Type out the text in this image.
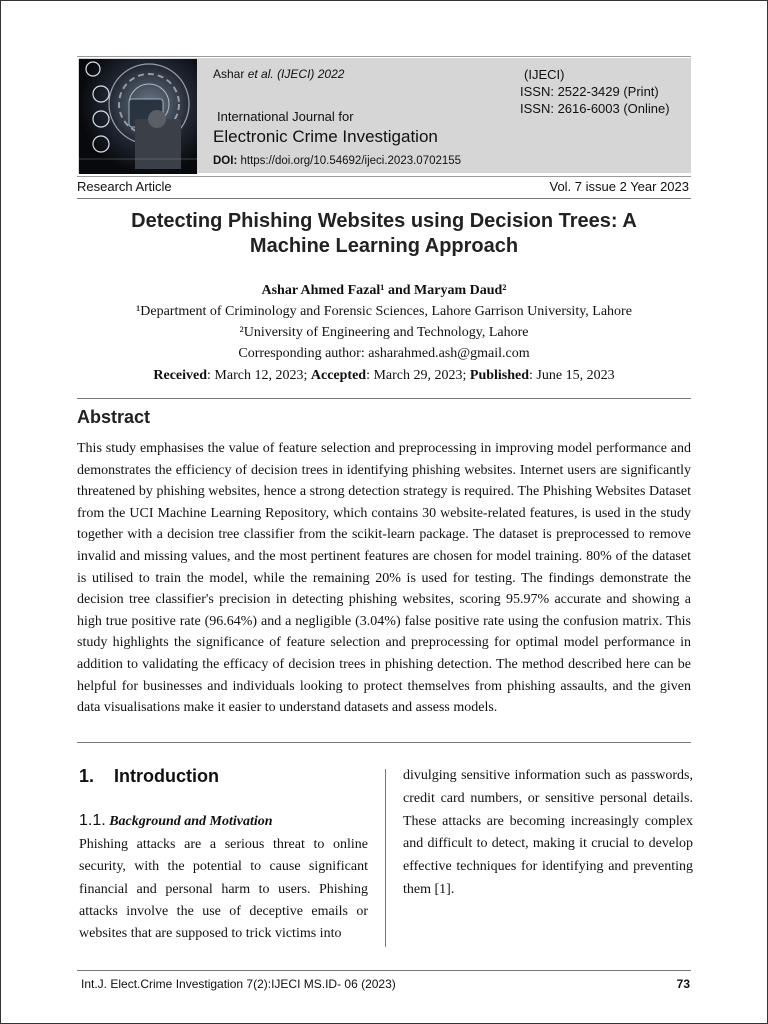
Ashar et al. (IJECI) 2022
International Journal for
Electronic Crime Investigation
DOI: https://doi.org/10.54692/ijeci.2023.0702155
(IJECI)
ISSN: 2522-3429 (Print)
ISSN: 2616-6003 (Online)
Research Article	Vol. 7 issue 2 Year 2023
Detecting Phishing Websites using Decision Trees: A
Machine Learning Approach
Ashar Ahmed Fazal¹ and Maryam Daud²
¹Department of Criminology and Forensic Sciences, Lahore Garrison University, Lahore
²University of Engineering and Technology, Lahore
Corresponding author: asharahmed.ash@gmail.com
Received: March 12, 2023; Accepted: March 29, 2023; Published: June 15, 2023
Abstract
This study emphasises the value of feature selection and preprocessing in improving model performance and demonstrates the efficiency of decision trees in identifying phishing websites. Internet users are significantly threatened by phishing websites, hence a strong detection strategy is required. The Phishing Websites Dataset from the UCI Machine Learning Repository, which contains 30 website-related features, is used in the study together with a decision tree classifier from the scikit-learn package. The dataset is preprocessed to remove invalid and missing values, and the most pertinent features are chosen for model training. 80% of the dataset is utilised to train the model, while the remaining 20% is used for testing. The findings demonstrate the decision tree classifier's precision in detecting phishing websites, scoring 95.97% accurate and showing a high true positive rate (96.64%) and a negligible (3.04%) false positive rate using the confusion matrix. This study highlights the significance of feature selection and preprocessing for optimal model performance in addition to validating the efficacy of decision trees in phishing detection. The method described here can be helpful for businesses and individuals looking to protect themselves from phishing assaults, and the given data visualisations make it easier to understand datasets and assess models.
1.    Introduction
1.1. Background and Motivation
Phishing attacks are a serious threat to online security, with the potential to cause significant financial and personal harm to users. Phishing attacks involve the use of deceptive emails or websites that are supposed to trick victims into
divulging sensitive information such as passwords, credit card numbers, or sensitive personal details. These attacks are becoming increasingly complex and difficult to detect, making it crucial to develop effective techniques for identifying and preventing them [1].
Int.J. Elect.Crime Investigation 7(2):IJECI MS.ID- 06 (2023)	73
